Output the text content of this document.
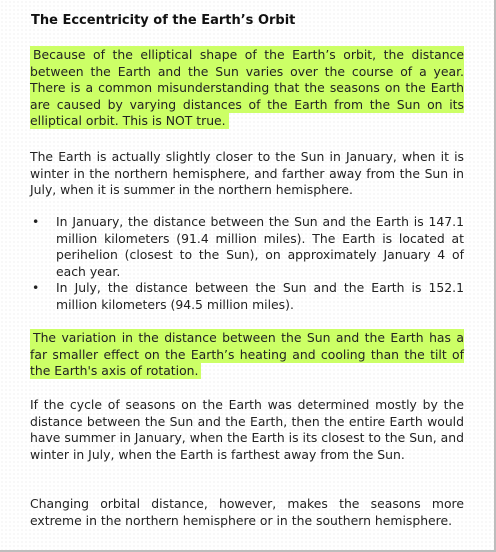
The Eccentricity of the Earth’s Orbit

Because of the elliptical shape of the Earth’s orbit, the distance between the Earth and the Sun varies over the course of a year. There is a common misunderstanding that the seasons on the Earth are caused by varying distances of the Earth from the Sun on its elliptical orbit. This is NOT true.

The Earth is actually slightly closer to the Sun in January, when it is winter in the northern hemisphere, and farther away from the Sun in July, when it is summer in the northern hemisphere.

• In January, the distance between the Sun and the Earth is 147.1 million kilometers (91.4 million miles). The Earth is located at perihelion (closest to the Sun), on approximately January 4 of each year.
• In July, the distance between the Sun and the Earth is 152.1 million kilometers (94.5 million miles).

The variation in the distance between the Sun and the Earth has a far smaller effect on the Earth’s heating and cooling than the tilt of the Earth's axis of rotation.

If the cycle of seasons on the Earth was determined mostly by the distance between the Sun and the Earth, then the entire Earth would have summer in January, when the Earth is its closest to the Sun, and winter in July, when the Earth is farthest away from the Sun.

Changing orbital distance, however, makes the seasons more extreme in the northern hemisphere or in the southern hemisphere.
